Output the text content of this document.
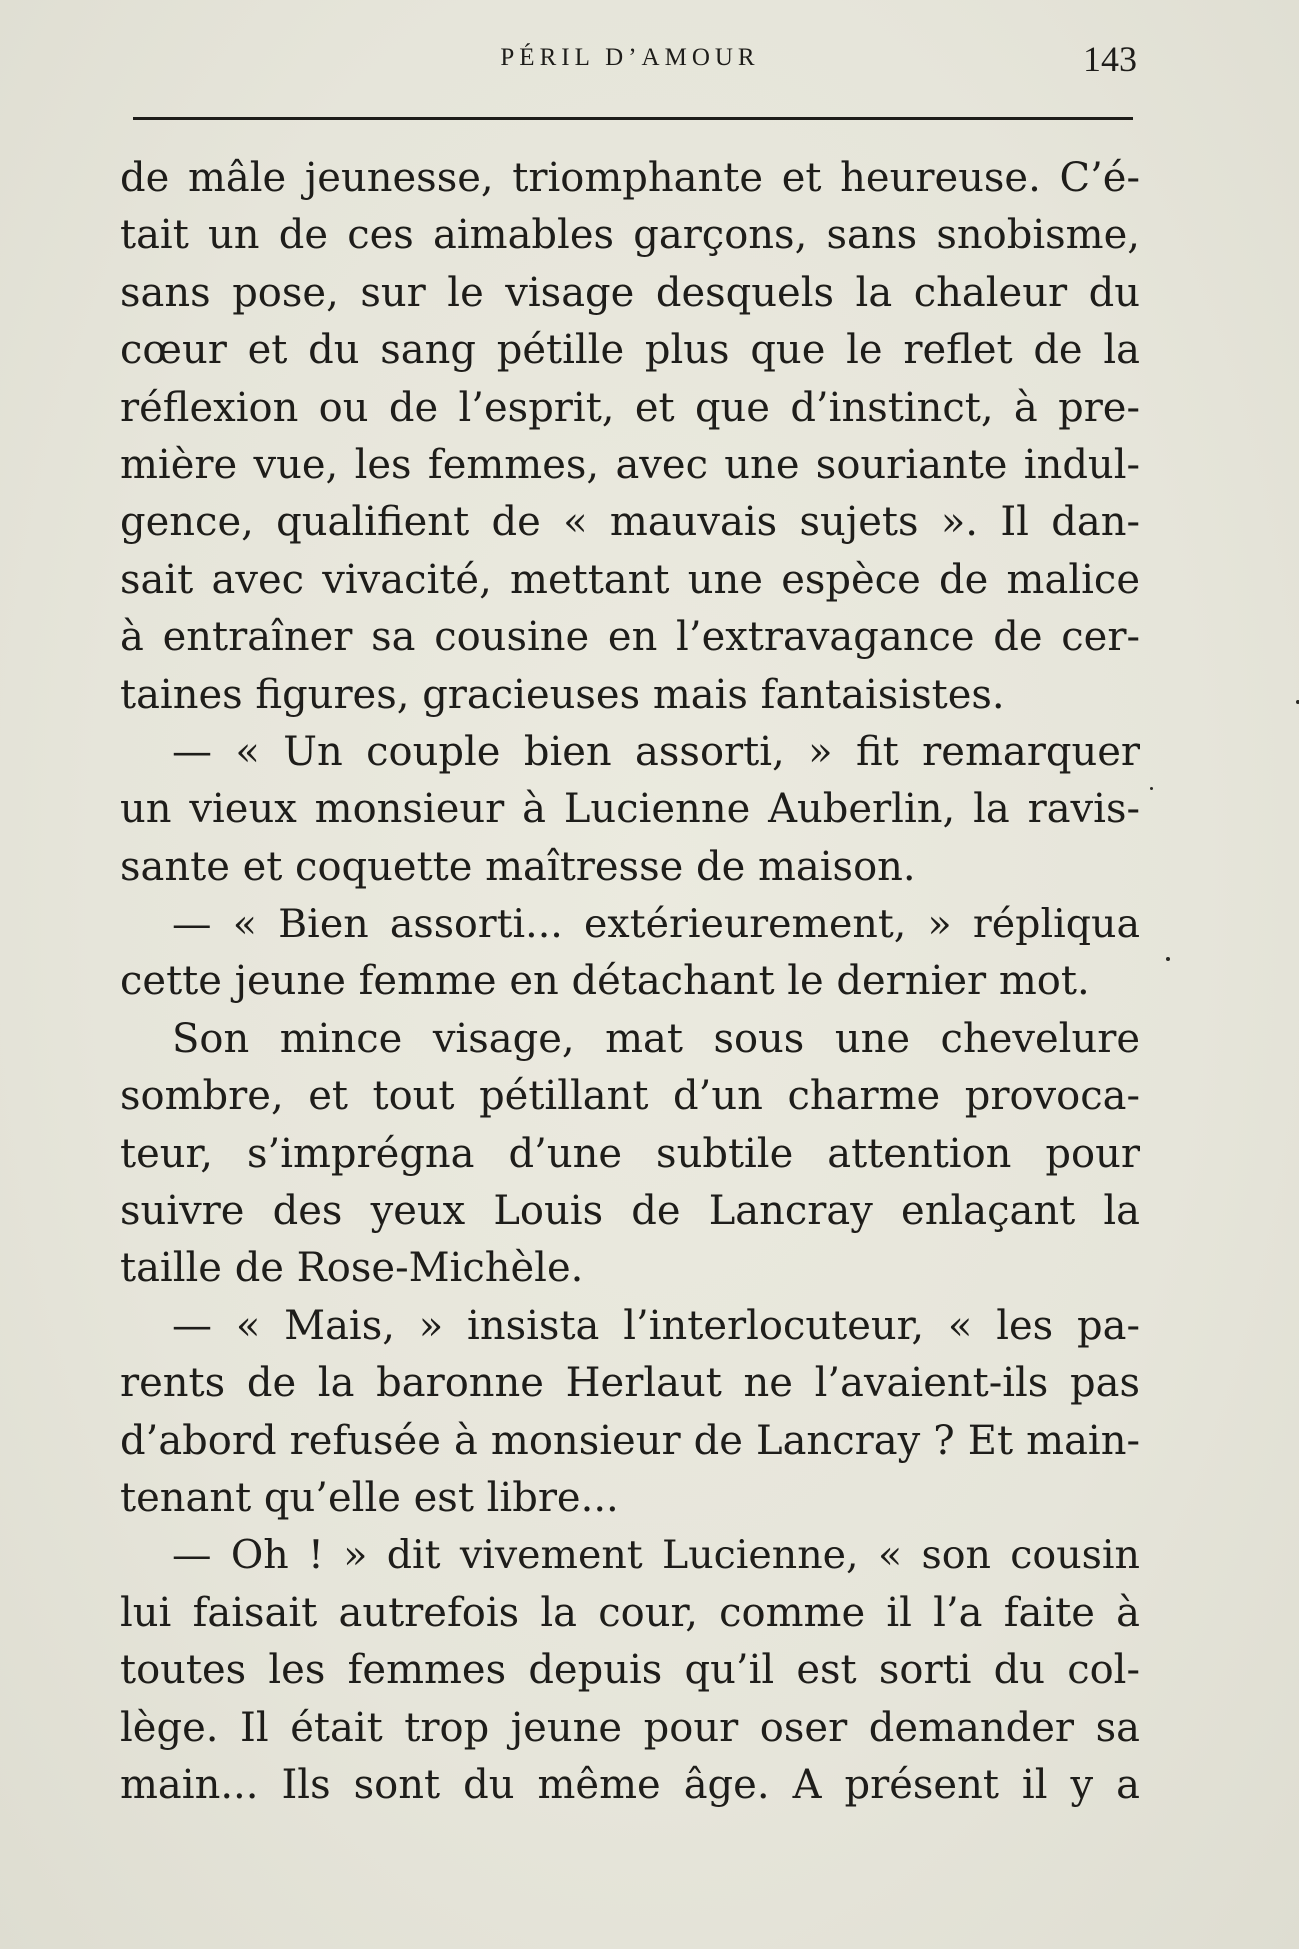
PÉRIL D’AMOUR	143
de mâle jeunesse, triomphante et heureuse. C’é-
tait un de ces aimables garçons, sans snobisme,
sans pose, sur le visage desquels la chaleur du
cœur et du sang pétille plus que le reflet de la
réflexion ou de l’esprit, et que d’instinct, à pre-
mière vue, les femmes, avec une souriante indul-
gence, qualifient de « mauvais sujets ». Il dan-
sait avec vivacité, mettant une espèce de malice
à entraîner sa cousine en l’extravagance de cer-
taines figures, gracieuses mais fantaisistes.
— « Un couple bien assorti, » fit remarquer
un vieux monsieur à Lucienne Auberlin, la ravis-
sante et coquette maîtresse de maison.
— « Bien assorti... extérieurement, » répliqua
cette jeune femme en détachant le dernier mot.
Son mince visage, mat sous une chevelure
sombre, et tout pétillant d’un charme provoca-
teur, s’imprégna d’une subtile attention pour
suivre des yeux Louis de Lancray enlaçant la
taille de Rose-Michèle.
— « Mais, » insista l’interlocuteur, « les pa-
rents de la baronne Herlaut ne l’avaient-ils pas
d’abord refusée à monsieur de Lancray ? Et main-
tenant qu’elle est libre...
— Oh ! » dit vivement Lucienne, « son cousin
lui faisait autrefois la cour, comme il l’a faite à
toutes les femmes depuis qu’il est sorti du col-
lège. Il était trop jeune pour oser demander sa
main... Ils sont du même âge. A présent il y a
